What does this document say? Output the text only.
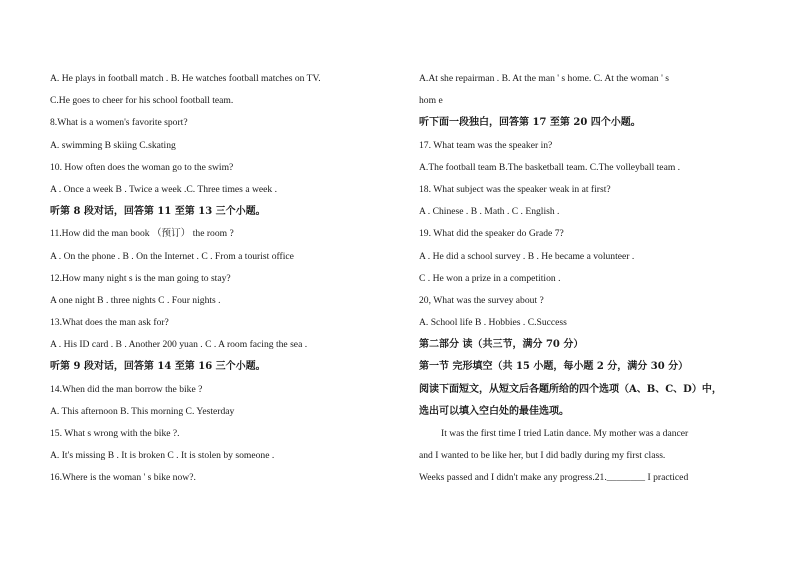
A. He plays in football match . B. He watches football matches on TV.
C.He goes to cheer for his school football team.
8.What is a women's favorite sport?
A. swimming B skiing C.skating
10. How often does the woman go to the swim?
A . Once a week B . Twice a week .C. Three times a week .
听第 8 段对话，回答第 11 至第 13 三个小题。
11.How did the man book （预订） the room ?
A . On the phone . B . On the Internet . C . From a tourist office
12.How many night s is the man going to stay?
A one night B . three nights C . Four nights .
13.What does the man ask for?
A . His ID card . B . Another 200 yuan . C . A room facing the sea .
听第 9 段对话，回答第 14 至第 16 三个小题。
14.When did the man borrow the bike ?
A. This afternoon B. This morning C. Yesterday
15. What s wrong with the bike ?.
A. It's missing B . It is broken C . It is stolen by someone .
16.Where is the woman ' s bike now?.
A.At she repairman . B. At the man ' s home. C. At the woman ' s
hom e
听下面一段独白，回答第 17 至第 20 四个小题。
17. What team was the speaker in?
A.The football team B.The basketball team. C.The volleyball team .
18. What subject was the speaker weak in at first?
A . Chinese . B . Math . C . English .
19. What did the speaker do Grade 7?
A . He did a school survey . B . He became a volunteer .
C . He won a prize in a competition .
20, What was the survey about ?
A. School life B . Hobbies . C.Success
第二部分 读（共三节，满分 70 分）
第一节 完形填空（共 15 小题，每小题 2 分，满分 30 分）
阅读下面短文，从短文后各题所给的四个选项（A、B、C、D）中，
选出可以填入空白处的最佳选项。
It was the first time I tried Latin dance. My mother was a dancer
and I wanted to be like her, but I did badly during my first class.
Weeks passed and I didn't make any progress.21.________ I practiced
